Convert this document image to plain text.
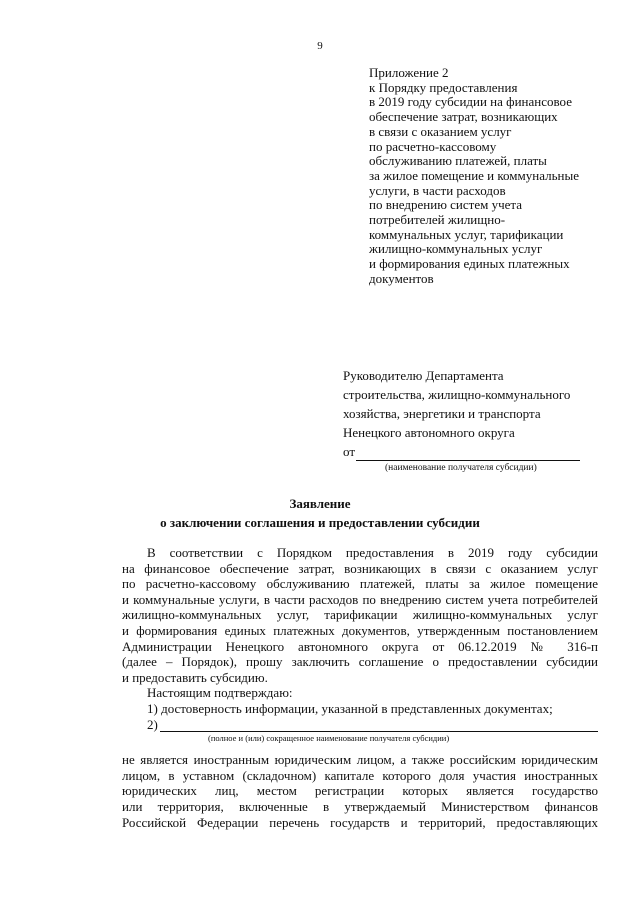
9
Приложение 2
к Порядку предоставления
в 2019 году субсидии на финансовое
обеспечение затрат, возникающих
в связи с оказанием услуг
по расчетно-кассовому
обслуживанию платежей, платы
за жилое помещение и коммунальные
услуги, в части расходов
по внедрению систем учета
потребителей жилищно-
коммунальных услуг, тарификации
жилищно-коммунальных услуг
и формирования единых платежных
документов
Руководителю Департамента
строительства, жилищно-коммунального
хозяйства, энергетики и транспорта
Ненецкого автономного округа
от
(наименование получателя субсидии)
Заявление
о заключении соглашения и предоставлении субсидии
В соответствии с Порядком предоставления в 2019 году субсидии
на финансовое обеспечение затрат, возникающих в связи с оказанием услуг
по расчетно-кассовому обслуживанию платежей, платы за жилое помещение
и коммунальные услуги, в части расходов по внедрению систем учета потребителей
жилищно-коммунальных услуг, тарификации жилищно-коммунальных услуг
и формирования единых платежных документов, утвержденным постановлением
Администрации Ненецкого автономного округа от 06.12.2019 № 316-п
(далее – Порядок), прошу заключить соглашение о предоставлении субсидии
и предоставить субсидию.
Настоящим подтверждаю:
1) достоверность информации, указанной в представленных документах;
2)
(полное и (или) сокращенное наименование получателя субсидии)
не является иностранным юридическим лицом, а также российским юридическим
лицом, в уставном (складочном) капитале которого доля участия иностранных
юридических лиц, местом регистрации которых является государство
или территория, включенные в утверждаемый Министерством финансов
Российской Федерации перечень государств и территорий, предоставляющих
